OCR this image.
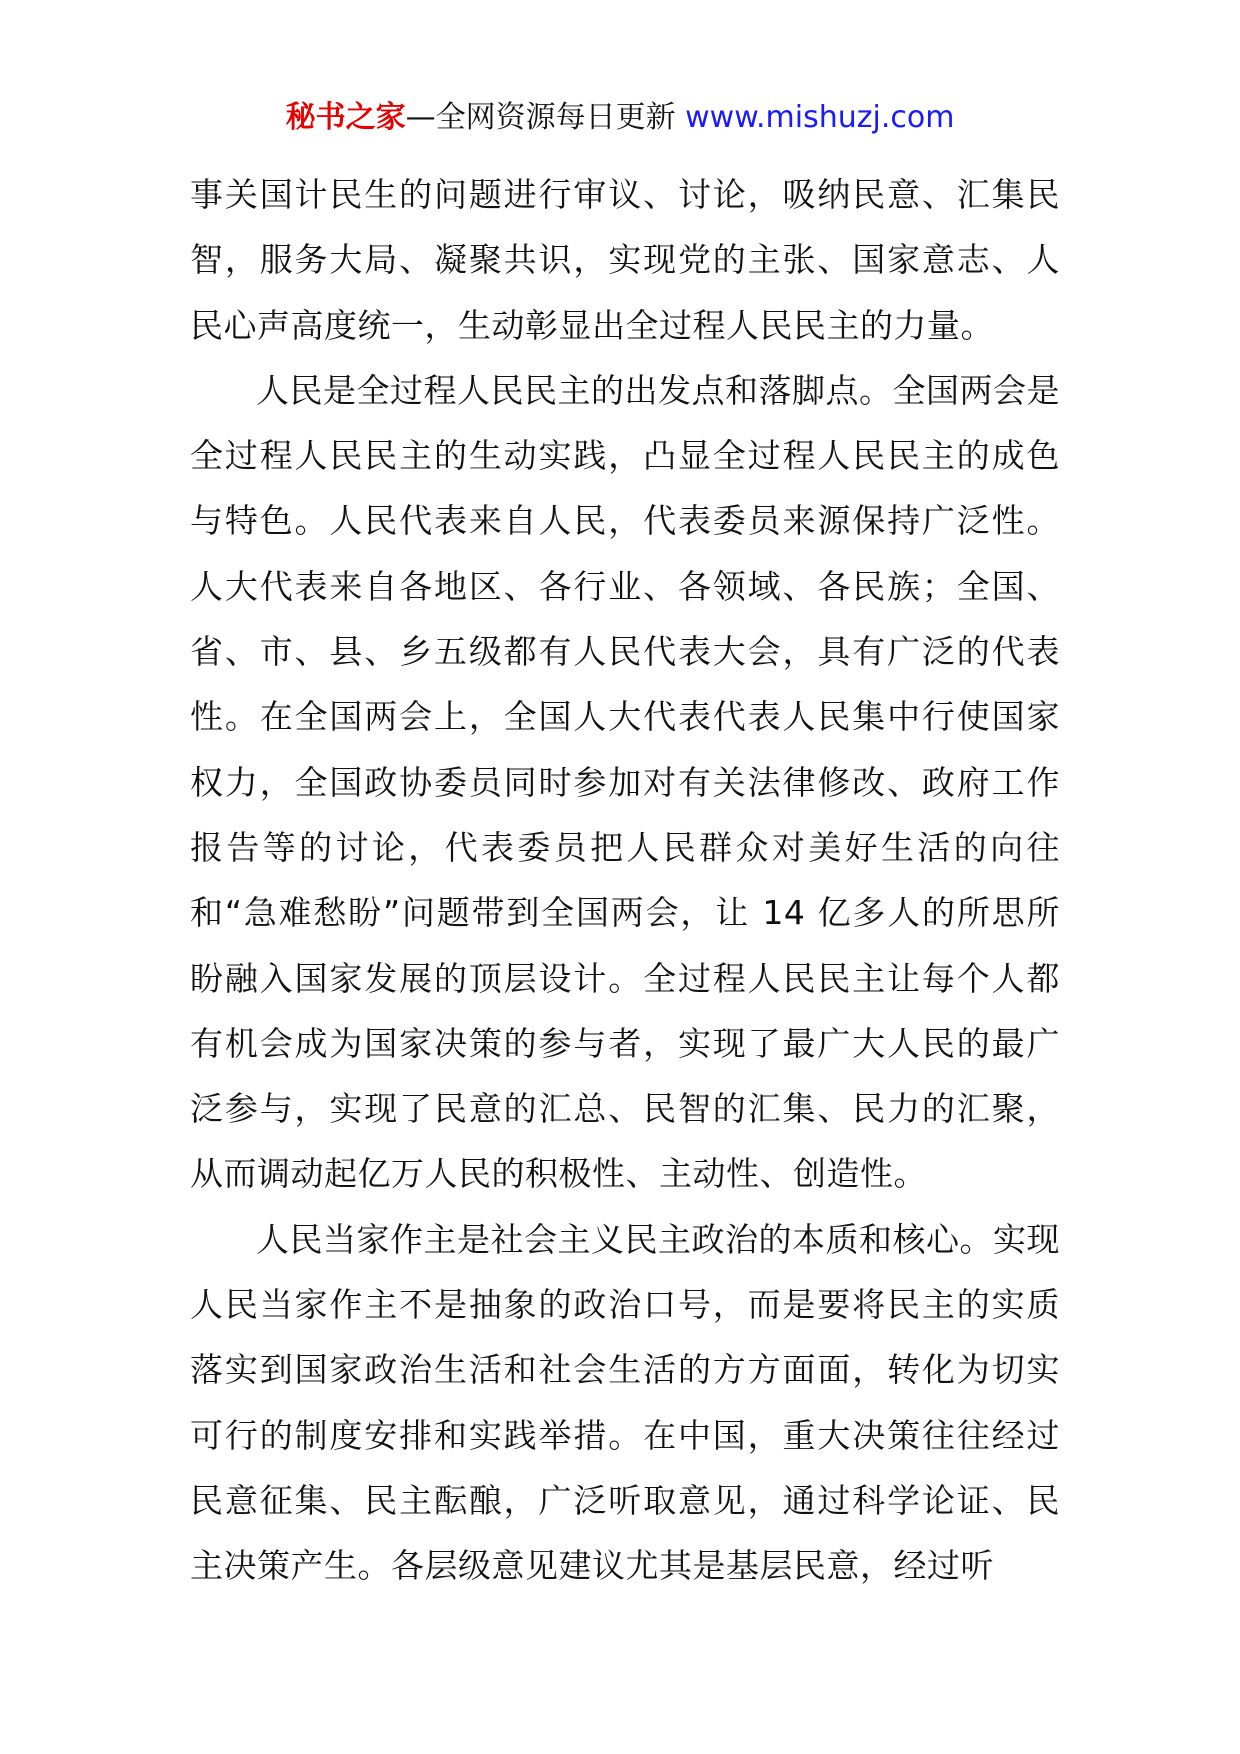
秘书之家—全网资源每日更新 www.mishuzj.com

事关国计民生的问题进行审议、讨论，吸纳民意、汇集民智，服务大局、凝聚共识，实现党的主张、国家意志、人民心声高度统一，生动彰显出全过程人民民主的力量。

人民是全过程人民民主的出发点和落脚点。全国两会是全过程人民民主的生动实践，凸显全过程人民民主的成色与特色。人民代表来自人民，代表委员来源保持广泛性。人大代表来自各地区、各行业、各领域、各民族；全国、省、市、县、乡五级都有人民代表大会，具有广泛的代表性。在全国两会上，全国人大代表代表人民集中行使国家权力，全国政协委员同时参加对有关法律修改、政府工作报告等的讨论，代表委员把人民群众对美好生活的向往和“急难愁盼”问题带到全国两会，让 14 亿多人的所思所盼融入国家发展的顶层设计。全过程人民民主让每个人都有机会成为国家决策的参与者，实现了最广大人民的最广泛参与，实现了民意的汇总、民智的汇集、民力的汇聚，从而调动起亿万人民的积极性、主动性、创造性。

人民当家作主是社会主义民主政治的本质和核心。实现人民当家作主不是抽象的政治口号，而是要将民主的实质落实到国家政治生活和社会生活的方方面面，转化为切实可行的制度安排和实践举措。在中国，重大决策往往经过民意征集、民主酝酿，广泛听取意见，通过科学论证、民主决策产生。各层级意见建议尤其是基层民意，经过听
